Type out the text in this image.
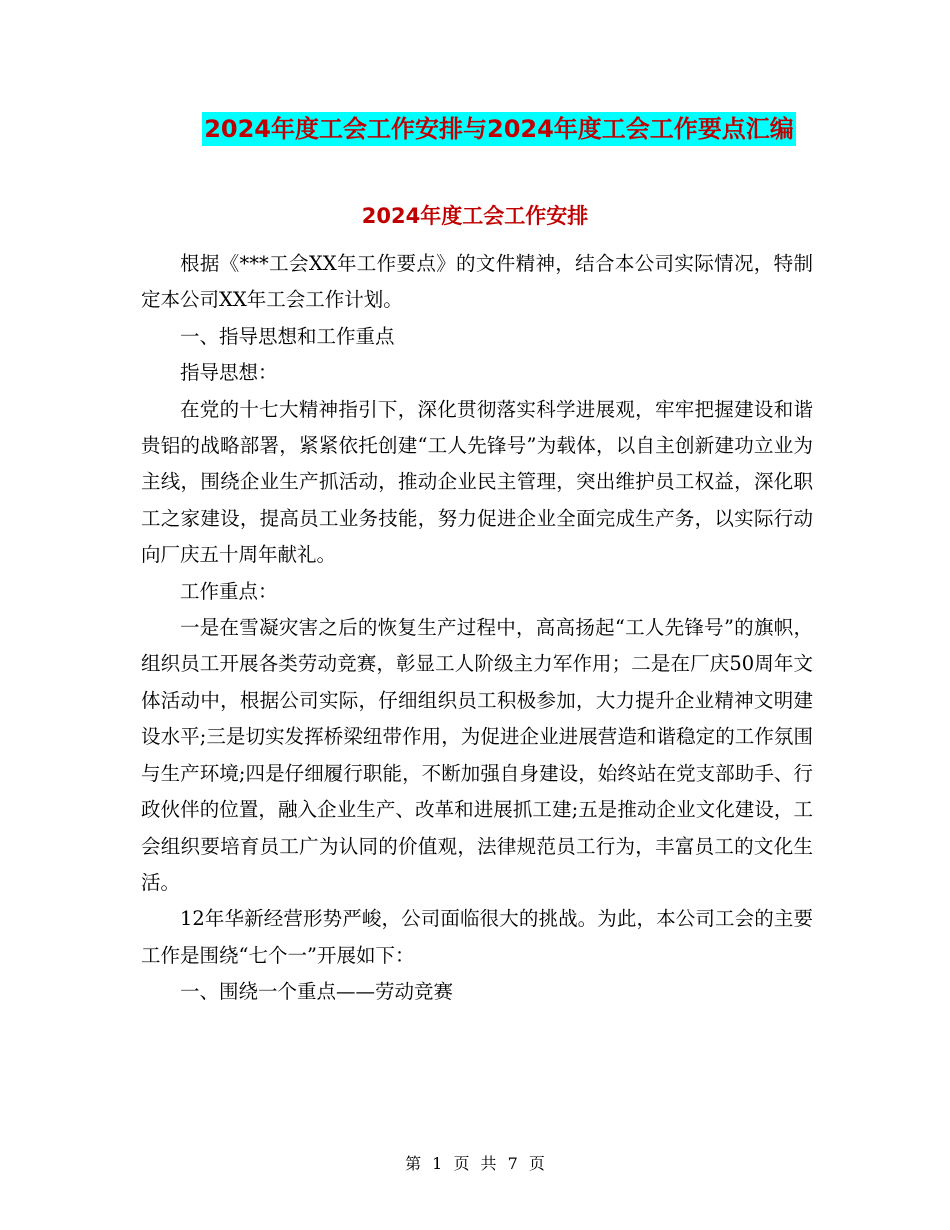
2024年度工会工作安排与2024年度工会工作要点汇编
2024年度工会工作安排

根据《***工会XX年工作要点》的文件精神，结合本公司实际情况，特制定本公司XX年工会工作计划。

一、指导思想和工作重点

指导思想：

在党的十七大精神指引下，深化贯彻落实科学进展观，牢牢把握建设和谐贵铝的战略部署，紧紧依托创建“工人先锋号”为载体，以自主创新建功立业为主线，围绕企业生产抓活动，推动企业民主管理，突出维护员工权益，深化职工之家建设，提高员工业务技能，努力促进企业全面完成生产务，以实际行动向厂庆五十周年献礼。

工作重点：

一是在雪凝灾害之后的恢复生产过程中，高高扬起“工人先锋号”的旗帜，组织员工开展各类劳动竞赛，彰显工人阶级主力军作用；二是在厂庆50周年文体活动中，根据公司实际，仔细组织员工积极参加，大力提升企业精神文明建设水平;三是切实发挥桥梁纽带作用，为促进企业进展营造和谐稳定的工作氛围与生产环境;四是仔细履行职能，不断加强自身建设，始终站在党支部助手、行政伙伴的位置，融入企业生产、改革和进展抓工建;五是推动企业文化建设，工会组织要培育员工广为认同的价值观，法律规范员工行为，丰富员工的文化生活。

12年华新经营形势严峻，公司面临很大的挑战。为此，本公司工会的主要工作是围绕“七个一”开展如下：

一、围绕一个重点——劳动竞赛

第 1 页 共 7 页
